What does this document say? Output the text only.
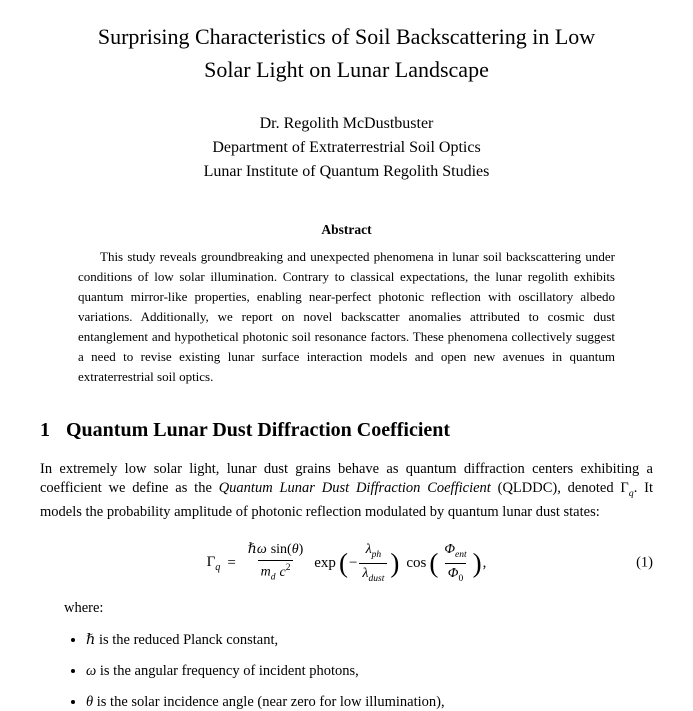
Surprising Characteristics of Soil Backscattering in Low
Solar Light on Lunar Landscape
Dr. Regolith McDustbuster
Department of Extraterrestrial Soil Optics
Lunar Institute of Quantum Regolith Studies
Abstract

This study reveals groundbreaking and unexpected phenomena in lunar soil backscattering under conditions of low solar illumination. Contrary to classical expectations, the lunar regolith exhibits quantum mirror-like properties, enabling near-perfect photonic reflection with oscillatory albedo variations. Additionally, we report on novel backscatter anomalies attributed to cosmic dust entanglement and hypothetical photonic soil resonance factors. These phenomena collectively suggest a need to revise existing lunar surface interaction models and open new avenues in quantum extraterrestrial soil optics.

1 Quantum Lunar Dust Diffraction Coefficient

In extremely low solar light, lunar dust grains behave as quantum diffraction centers exhibiting a coefficient we define as the Quantum Lunar Dust Diffraction Coefficient (QLDDC), denoted $\Gamma_q$. It models the probability amplitude of photonic reflection modulated by quantum lunar dust states:

$\Gamma_q = \frac{\text{ℏω sin(θ)}}{m_d c^2}$ exp ( − $\frac{\lambda_{ph}}{\lambda_{dust}}$ ) cos ( $\frac{\Phi_{ent}}{\Phi_0}$ ) ,	(1)

where:

• ℏ is the reduced Planck constant,
• ω is the angular frequency of incident photons,
• θ is the solar incidence angle (near zero for low illumination),
